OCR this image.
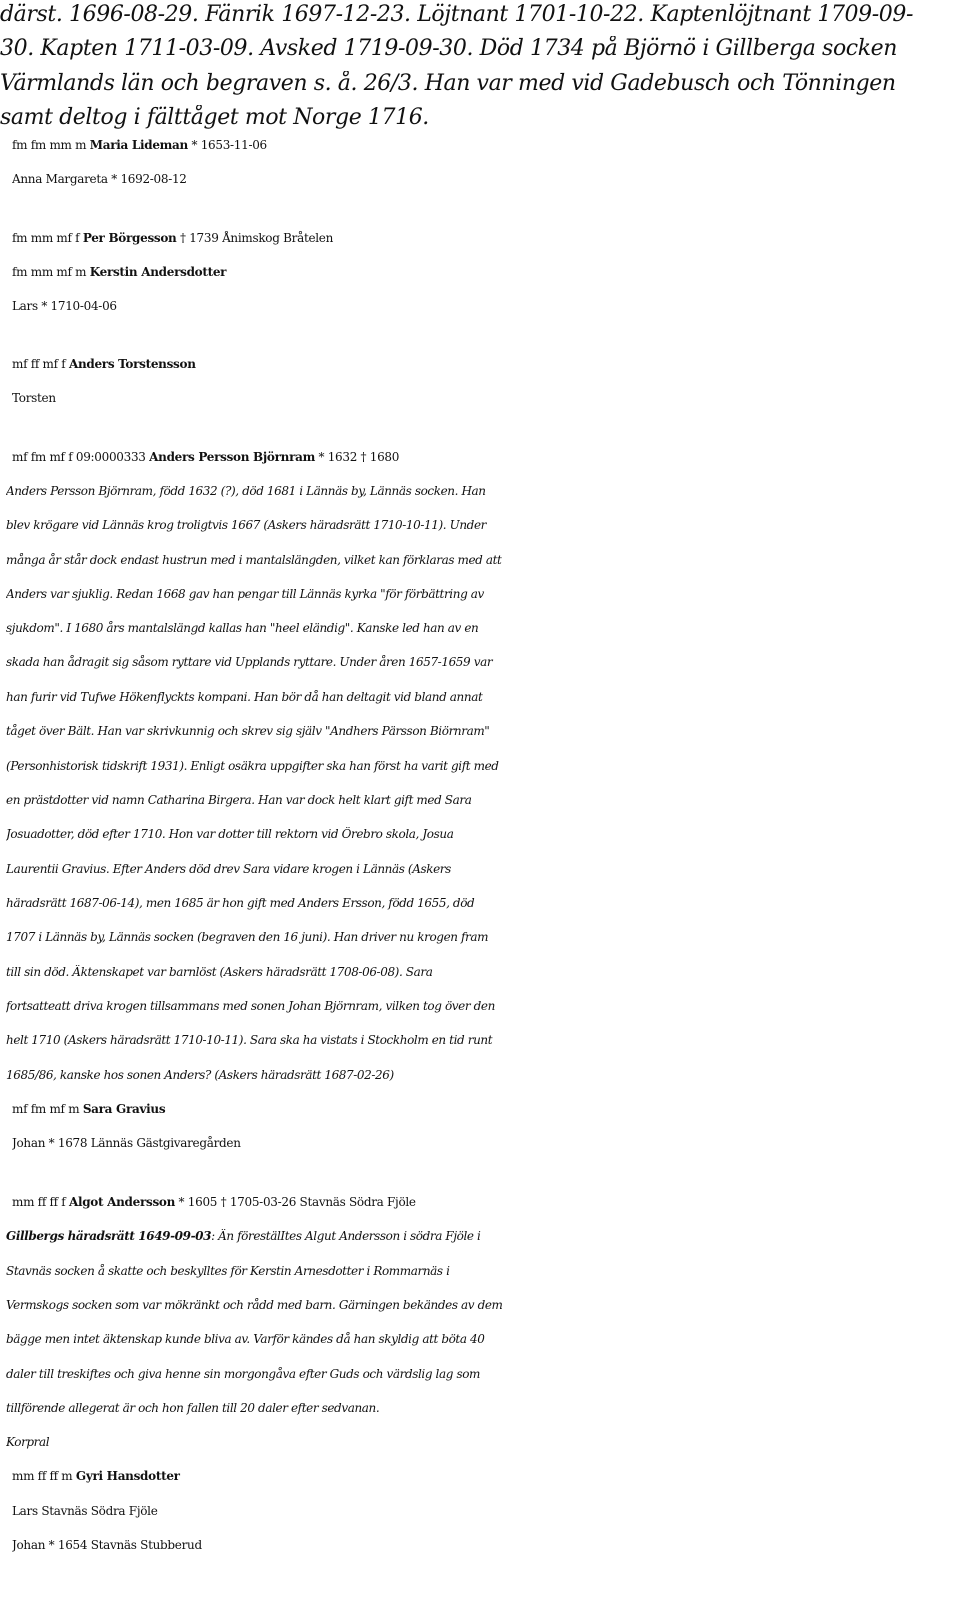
därst. 1696-08-29. Fänrik 1697-12-23. Löjtnant 1701-10-22. Kaptenlöjtnant 1709-09-
30. Kapten 1711-03-09. Avsked 1719-09-30. Död 1734 på Björnö i Gillberga socken
Värmlands län och begraven s. å. 26/3. Han var med vid Gadebusch och Tönningen
samt deltog i fälttåget mot Norge 1716.
fm fm mm m Maria Lideman * 1653-11-06
Anna Margareta * 1692-08-12
fm mm mf f Per Börgesson † 1739 Ånimskog Bråtelen
fm mm mf m Kerstin Andersdotter
Lars * 1710-04-06
mf ff mf f Anders Torstensson
Torsten
mf fm mf f 09:0000333 Anders Persson Björnram * 1632 † 1680
Anders Persson Björnram, född 1632 (?), död 1681 i Lännäs by, Lännäs socken. Han
blev krögare vid Lännäs krog troligtvis 1667 (Askers häradsrätt 1710-10-11). Under
många år står dock endast hustrun med i mantalslängden, vilket kan förklaras med att
Anders var sjuklig. Redan 1668 gav han pengar till Lännäs kyrka "för förbättring av
sjukdom". I 1680 års mantalslängd kallas han "heel eländig". Kanske led han av en
skada han ådragit sig såsom ryttare vid Upplands ryttare. Under åren 1657-1659 var
han furir vid Tufwe Hökenflyckts kompani. Han bör då han deltagit vid bland annat
tåget över Bält. Han var skrivkunnig och skrev sig själv "Andhers Pärsson Biörnram"
(Personhistorisk tidskrift 1931). Enligt osäkra uppgifter ska han först ha varit gift med
en prästdotter vid namn Catharina Birgera. Han var dock helt klart gift med Sara
Josuadotter, död efter 1710. Hon var dotter till rektorn vid Örebro skola, Josua
Laurentii Gravius. Efter Anders död drev Sara vidare krogen i Lännäs (Askers
häradsrätt 1687-06-14), men 1685 är hon gift med Anders Ersson, född 1655, död
1707 i Lännäs by, Lännäs socken (begraven den 16 juni). Han driver nu krogen fram
till sin död. Äktenskapet var barnlöst (Askers häradsrätt 1708-06-08). Sara
fortsatteatt driva krogen tillsammans med sonen Johan Björnram, vilken tog över den
helt 1710 (Askers häradsrätt 1710-10-11). Sara ska ha vistats i Stockholm en tid runt
1685/86, kanske hos sonen Anders? (Askers häradsrätt 1687-02-26)
mf fm mf m Sara Gravius
Johan * 1678 Lännäs Gästgivaregården
mm ff ff f Algot Andersson * 1605 † 1705-03-26 Stavnäs Södra Fjöle
Gillbergs häradsrätt 1649-09-03: Än förestälItes Algut Andersson i södra Fjöle i
Stavnäs socken å skatte och beskylltes för Kerstin Arnesdotter i Rommarnäs i
Vermskogs socken som var mökränkt och rådd med barn. Gärningen bekändes av dem
bägge men intet äktenskap kunde bliva av. Varför kändes då han skyldig att böta 40
daler till treskiftes och giva henne sin morgongåva efter Guds och värdslig lag som
tillförende allegerat är och hon fallen till 20 daler efter sedvanan.
Korpral
mm ff ff m Gyri Hansdotter
Lars Stavnäs Södra Fjöle
Johan * 1654 Stavnäs Stubberud
